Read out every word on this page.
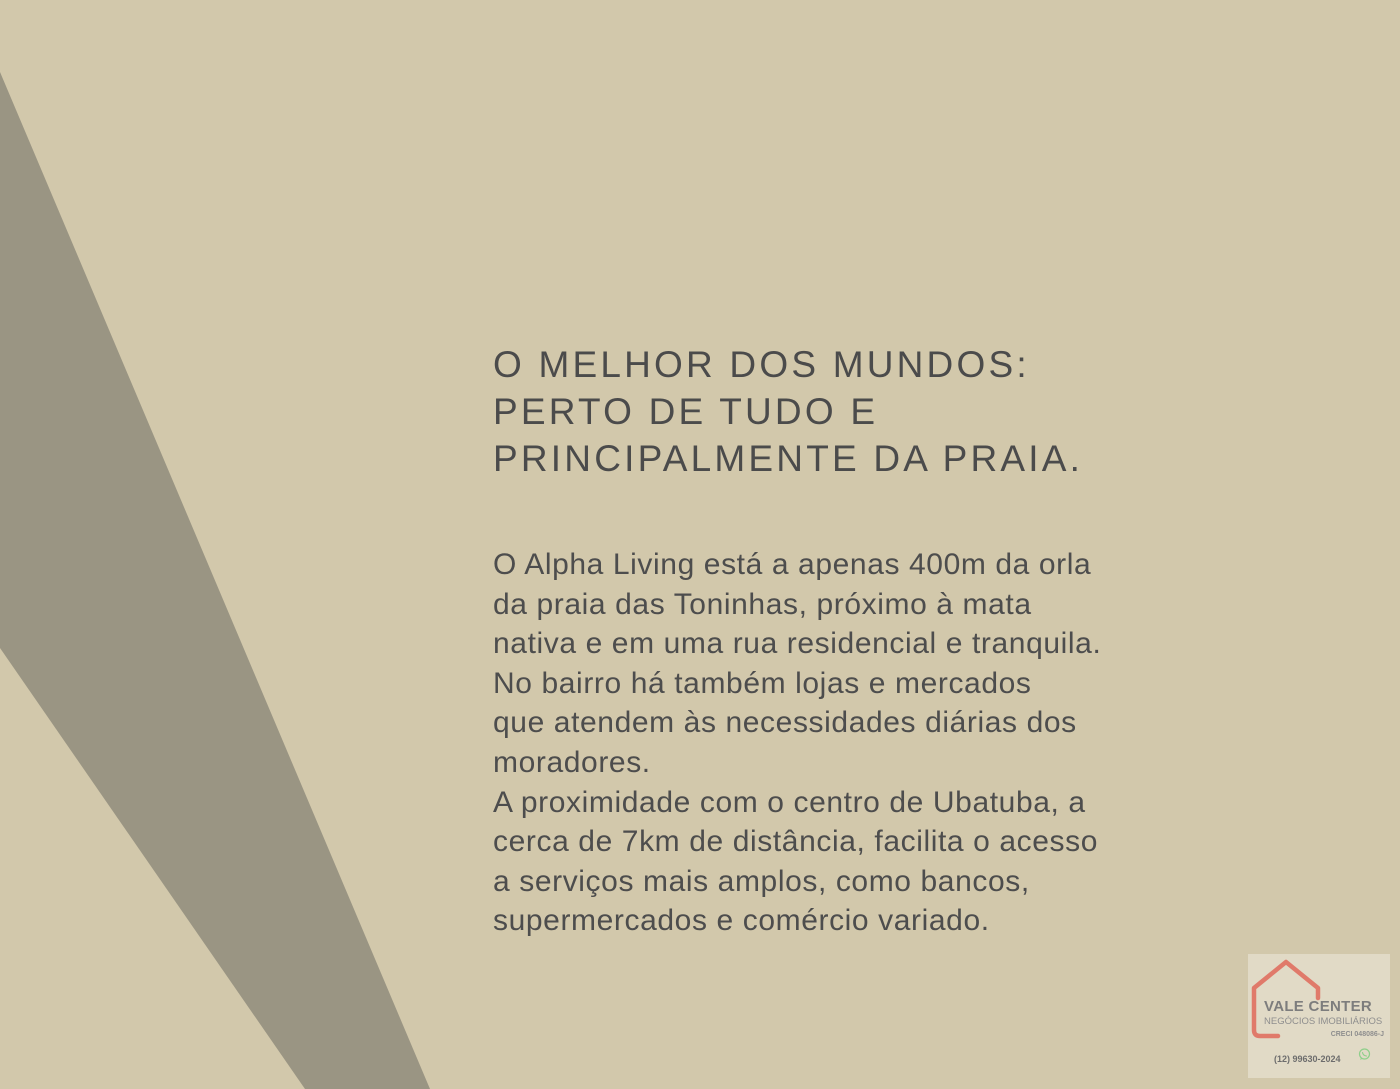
O MELHOR DOS MUNDOS:
PERTO DE TUDO E
PRINCIPALMENTE DA PRAIA.
O Alpha Living está a apenas 400m da orla
da praia das Toninhas, próximo à mata
nativa e em uma rua residencial e tranquila.
No bairro há também lojas e mercados
que atendem às necessidades diárias dos
moradores.
A proximidade com o centro de Ubatuba, a
cerca de 7km de distância, facilita o acesso
a serviços mais amplos, como bancos,
supermercados e comércio variado.
VALE CENTER
NEGÓCIOS IMOBILIÁRIOS
CRECI 048086-J
(12) 99630-2024
